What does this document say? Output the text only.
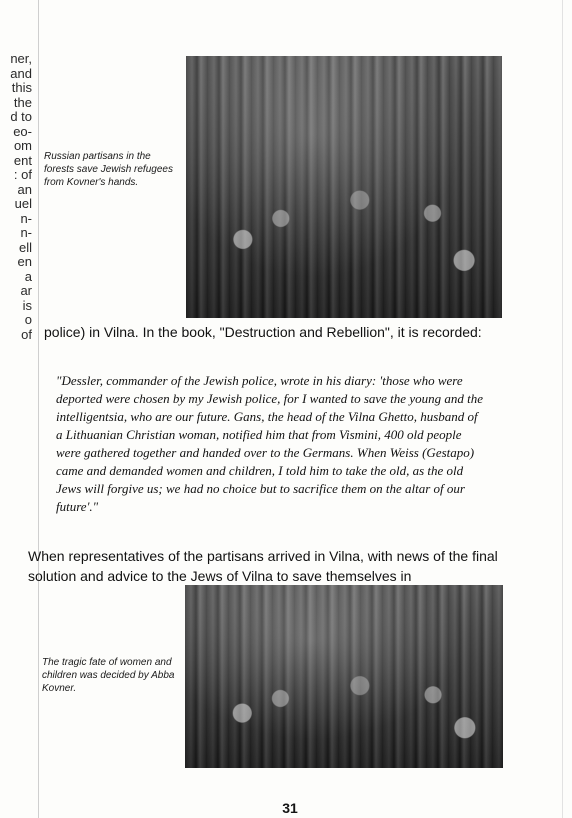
ner,
and
this
the
d to
eo-
om
ent
: of
an
uel
n-
n-
ell
en
a
ar
is
o
of
Russian partisans in the forests save Jewish refugees from Kovner's hands.
police) in Vilna. In the book, "Destruction and Rebellion", it is recorded:
"Dessler, commander of the Jewish police, wrote in his diary: 'those who were deported were chosen by my Jewish police, for I wanted to save the young and the intelligentsia, who are our future. Gans, the head of the Vilna Ghetto, husband of a Lithuanian Christian woman, notified him that from Vismini, 400 old people were gathered together and handed over to the Germans. When Weiss (Gestapo) came and demanded women and children, I told him to take the old, as the old Jews will forgive us; we had no choice but to sacrifice them on the altar of our future'."
When representatives of the partisans arrived in Vilna, with news of the final solution and advice to the Jews of Vilna to save themselves in
The tragic fate of women and children was decided by Abba Kovner.
31
